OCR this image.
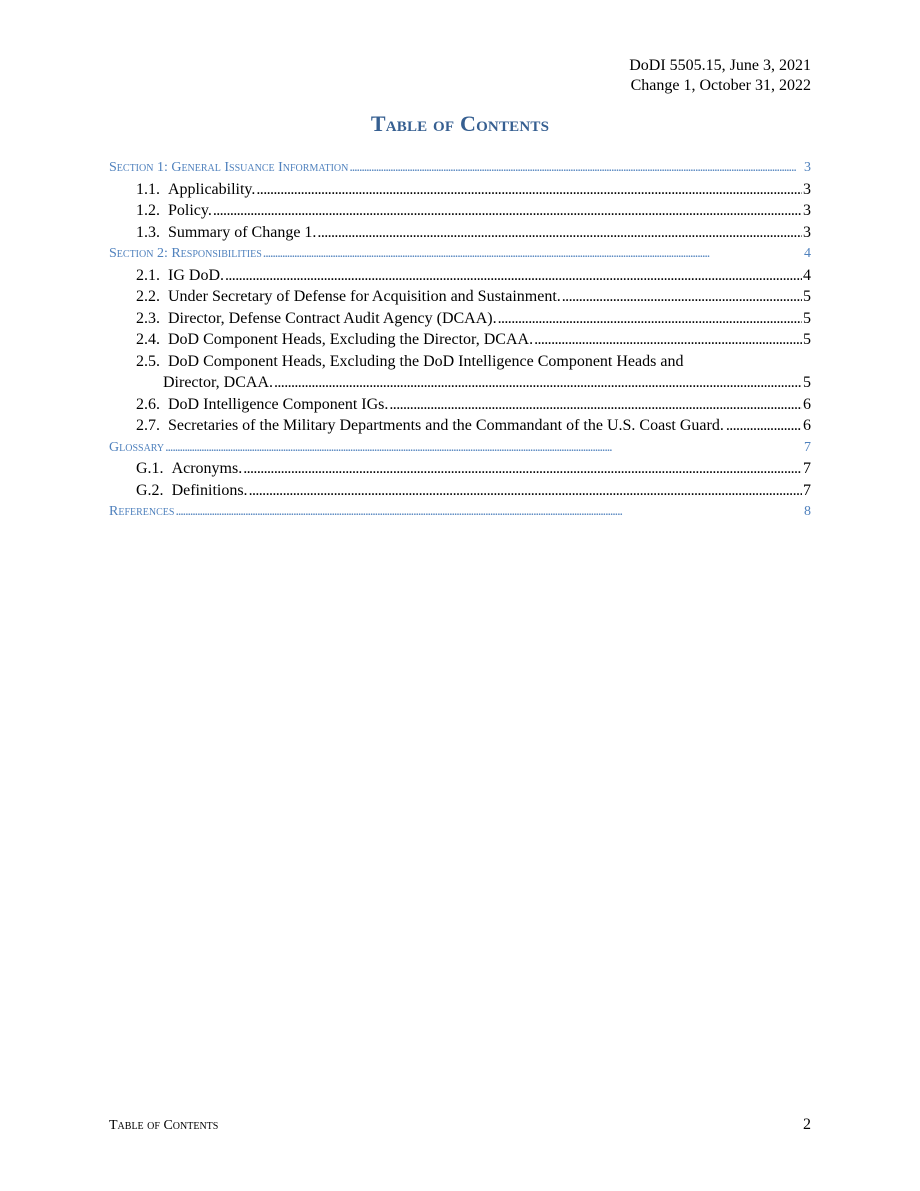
DoDI 5505.15, June 3, 2021
Change 1, October 31, 2022
Table of Contents
Section 1: General Issuance Information . . .	3
1.1. Applicability. . . .	3
1.2. Policy. . . .	3
1.3. Summary of Change 1. . . .	3
Section 2: Responsibilities . . .	4
2.1. IG DoD. . . .	4
2.2. Under Secretary of Defense for Acquisition and Sustainment. . . .	5
2.3. Director, Defense Contract Audit Agency (DCAA). . . .	5
2.4. DoD Component Heads, Excluding the Director, DCAA. . . .	5
2.5. DoD Component Heads, Excluding the DoD Intelligence Component Heads and
Director, DCAA. . . .	5
2.6. DoD Intelligence Component IGs. . . .	6
2.7. Secretaries of the Military Departments and the Commandant of the U.S. Coast Guard. . . .	6
Glossary . . .	7
G.1. Acronyms. . . .	7
G.2. Definitions. . . .	7
References . . .	8
Table of Contents	2
